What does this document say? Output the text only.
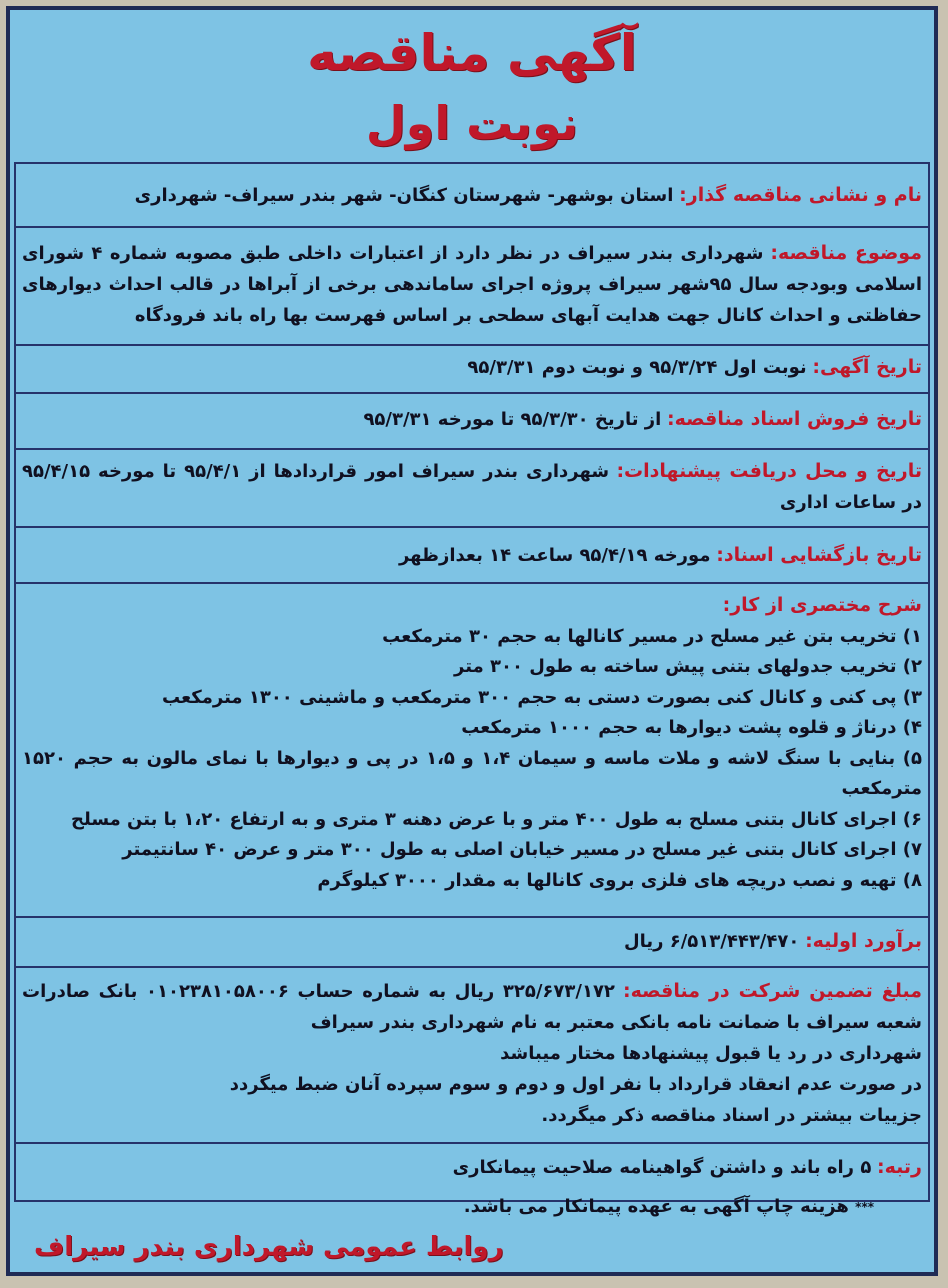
آگهی مناقصه
نوبت اول
نام و نشانی مناقصه گذار: استان بوشهر- شهرستان کنگان- شهر بندر سیراف- شهرداری
موضوع مناقصه: شهرداری بندر سیراف در نظر دارد از اعتبارات داخلی طبق مصوبه شماره ۴ شورای اسلامی وبودجه سال ۹۵شهر سیراف پروژه اجرای ساماندهی برخی از آبراها در قالب احداث دیوارهای حفاظتی و احداث کانال جهت هدایت آبهای سطحی بر اساس فهرست بها راه باند فرودگاه
تاریخ آگهی: نوبت اول ۹۵/۳/۲۴ و نوبت دوم ۹۵/۳/۳۱
تاریخ فروش اسناد مناقصه: از تاریخ ۹۵/۳/۳۰ تا مورخه ۹۵/۳/۳۱
تاریخ و محل دریافت پیشنهادات: شهرداری بندر سیراف امور قراردادها از ۹۵/۴/۱ تا مورخه ۹۵/۴/۱۵ در ساعات اداری
تاریخ بازگشایی اسناد: مورخه ۹۵/۴/۱۹ ساعت ۱۴ بعدازظهر
شرح مختصری از کار:
۱) تخریب بتن غیر مسلح در مسیر کانالها به حجم ۳۰ مترمکعب
۲) تخریب جدولهای بتنی پیش ساخته به طول ۳۰۰ متر
۳) پی کنی و کانال کنی بصورت دستی به حجم ۳۰۰ مترمکعب و ماشینی ۱۳۰۰ مترمکعب
۴) درناژ و قلوه پشت دیوارها به حجم ۱۰۰۰ مترمکعب
۵) بنایی با سنگ لاشه و ملات ماسه و سیمان ۱،۴ و ۱،۵ در پی و دیوارها با نمای مالون به حجم ۱۵۲۰ مترمکعب
۶) اجرای کانال بتنی مسلح به طول ۴۰۰ متر و با عرض دهنه ۳ متری و به ارتفاع ۱،۲۰ با بتن مسلح
۷) اجرای کانال بتنی غیر مسلح در مسیر خیابان اصلی به طول ۳۰۰ متر و عرض ۴۰ سانتیمتر
۸) تهیه و نصب دریچه های فلزی بروی کانالها به مقدار ۳۰۰۰ کیلوگرم
برآورد اولیه: ۶/۵۱۳/۴۴۳/۴۷۰ ریال
مبلغ تضمین شرکت در مناقصه: ۳۲۵/۶۷۳/۱۷۲ ریال به شماره حساب ۰۱۰۲۳۸۱۰۵۸۰۰۶ بانک صادرات شعبه سیراف با ضمانت نامه بانکی معتبر به نام شهرداری بندر سیراف
شهرداری در رد یا قبول پیشنهادها مختار میباشد
در صورت عدم انعقاد قرارداد با نفر اول و دوم و سوم سپرده آنان ضبط میگردد
جزییات بیشتر در اسناد مناقصه ذکر میگردد.
رتبه: ۵ راه باند و داشتن گواهینامه صلاحیت پیمانکاری
*** هزینه چاپ آگهی به عهده پیمانکار می باشد.
روابط عمومی شهرداری بندر سیراف
